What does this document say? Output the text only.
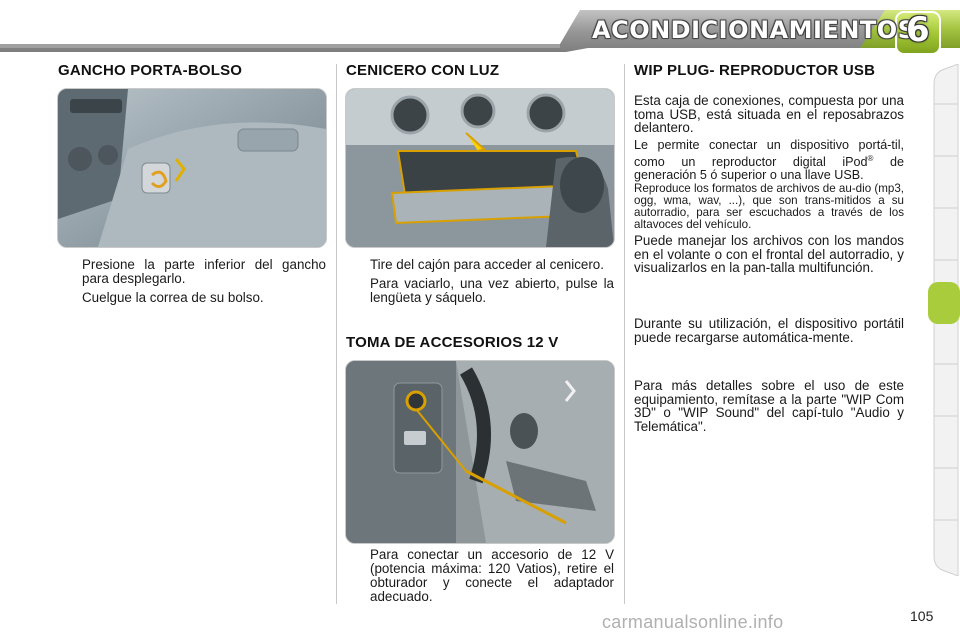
ACONDICIONAMIENTOS
6
GANCHO PORTA-BOLSO
Presione la parte inferior del gancho para desplegarlo.
Cuelgue la correa de su bolso.
CENICERO CON LUZ
Tire del cajón para acceder al cenicero.
Para vaciarlo, una vez abierto, pulse la lengüeta y sáquelo.
TOMA DE ACCESORIOS 12 V
Para conectar un accesorio de 12 V (potencia máxima: 120 Vatios), retire el obturador y conecte el adaptador adecuado.
WIP PLUG- REPRODUCTOR USB

Esta caja de conexiones, compuesta por una toma USB, está situada en el reposabrazos delantero.

Le permite conectar un dispositivo portá-til, como un reproductor digital iPod® de generación 5 ó superior o una llave USB.

Reproduce los formatos de archivos de au-dio (mp3, ogg, wma, wav, ...), que son trans-mitidos a su autorradio, para ser escuchados a través de los altavoces del vehículo.

Puede manejar los archivos con los mandos en el volante o con el frontal del autorradio, y visualizarlos en la pan-talla multifunción.

Durante su utilización, el dispositivo portátil puede recargarse automática-mente.

Para más detalles sobre el uso de este equipamiento, remítase a la parte "WIP Com 3D" o "WIP Sound" del capí-tulo "Audio y Telemática".

carmanualsonline.info	105
